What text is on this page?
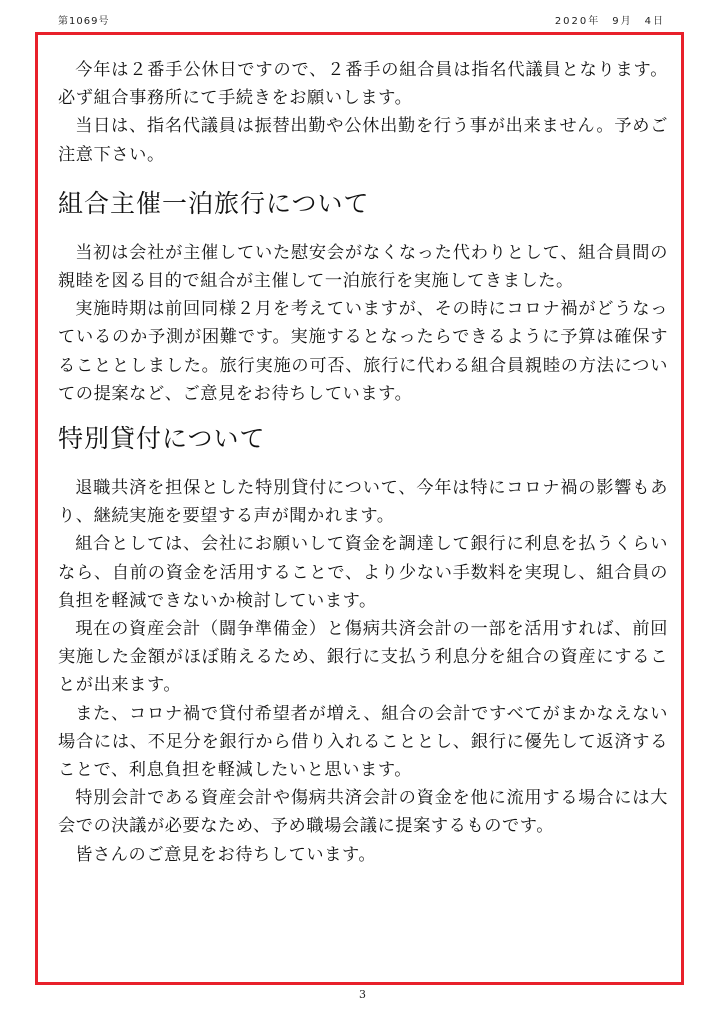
第1069号	2020年　9月　4日

今年は２番手公休日ですので、２番手の組合員は指名代議員となります。必ず組合事務所にて手続きをお願いします。

当日は、指名代議員は振替出勤や公休出勤を行う事が出来ません。予めご注意下さい。

組合主催一泊旅行について

当初は会社が主催していた慰安会がなくなった代わりとして、組合員間の親睦を図る目的で組合が主催して一泊旅行を実施してきました。

実施時期は前回同様２月を考えていますが、その時にコロナ禍がどうなっているのか予測が困難です。実施するとなったらできるように予算は確保することとしました。旅行実施の可否、旅行に代わる組合員親睦の方法についての提案など、ご意見をお待ちしています。

特別貸付について

退職共済を担保とした特別貸付について、今年は特にコロナ禍の影響もあり、継続実施を要望する声が聞かれます。

組合としては、会社にお願いして資金を調達して銀行に利息を払うくらいなら、自前の資金を活用することで、より少ない手数料を実現し、組合員の負担を軽減できないか検討しています。

現在の資産会計（闘争準備金）と傷病共済会計の一部を活用すれば、前回実施した金額がほぼ賄えるため、銀行に支払う利息分を組合の資産にすることが出来ます。

また、コロナ禍で貸付希望者が増え、組合の会計ですべてがまかなえない場合には、不足分を銀行から借り入れることとし、銀行に優先して返済することで、利息負担を軽減したいと思います。

特別会計である資産会計や傷病共済会計の資金を他に流用する場合には大会での決議が必要なため、予め職場会議に提案するものです。

皆さんのご意見をお待ちしています。

3
